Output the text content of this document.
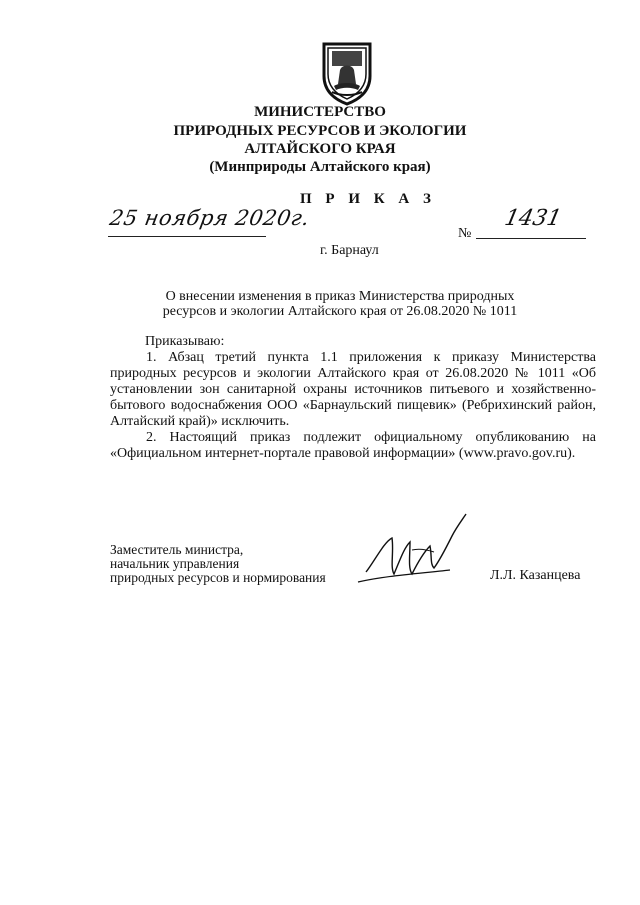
МИНИСТЕРСТВО
ПРИРОДНЫХ РЕСУРСОВ И ЭКОЛОГИИ
АЛТАЙСКОГО КРАЯ
(Минприроды Алтайского края)
П Р И К А З
25 ноября 2020г.
№
1431
г. Барнаул
О внесении изменения в приказ Министерства природных
ресурсов и экологии Алтайского края от 26.08.2020 № 1011
Приказываю:

1. Абзац третий пункта 1.1 приложения к приказу Министерства природных ресурсов и экологии Алтайского края от 26.08.2020 № 1011 «Об установлении зон санитарной охраны источников питьевого и хозяйственно-бытового водоснабжения ООО «Барнаульский пищевик» (Ребрихинский район, Алтайский край)» исключить.

2. Настоящий приказ подлежит официальному опубликованию на «Официальном интернет-портале правовой информации» (www.pravo.gov.ru).

Заместитель министра,
начальник управления
природных ресурсов и нормирования	Л.Л. Казанцева
